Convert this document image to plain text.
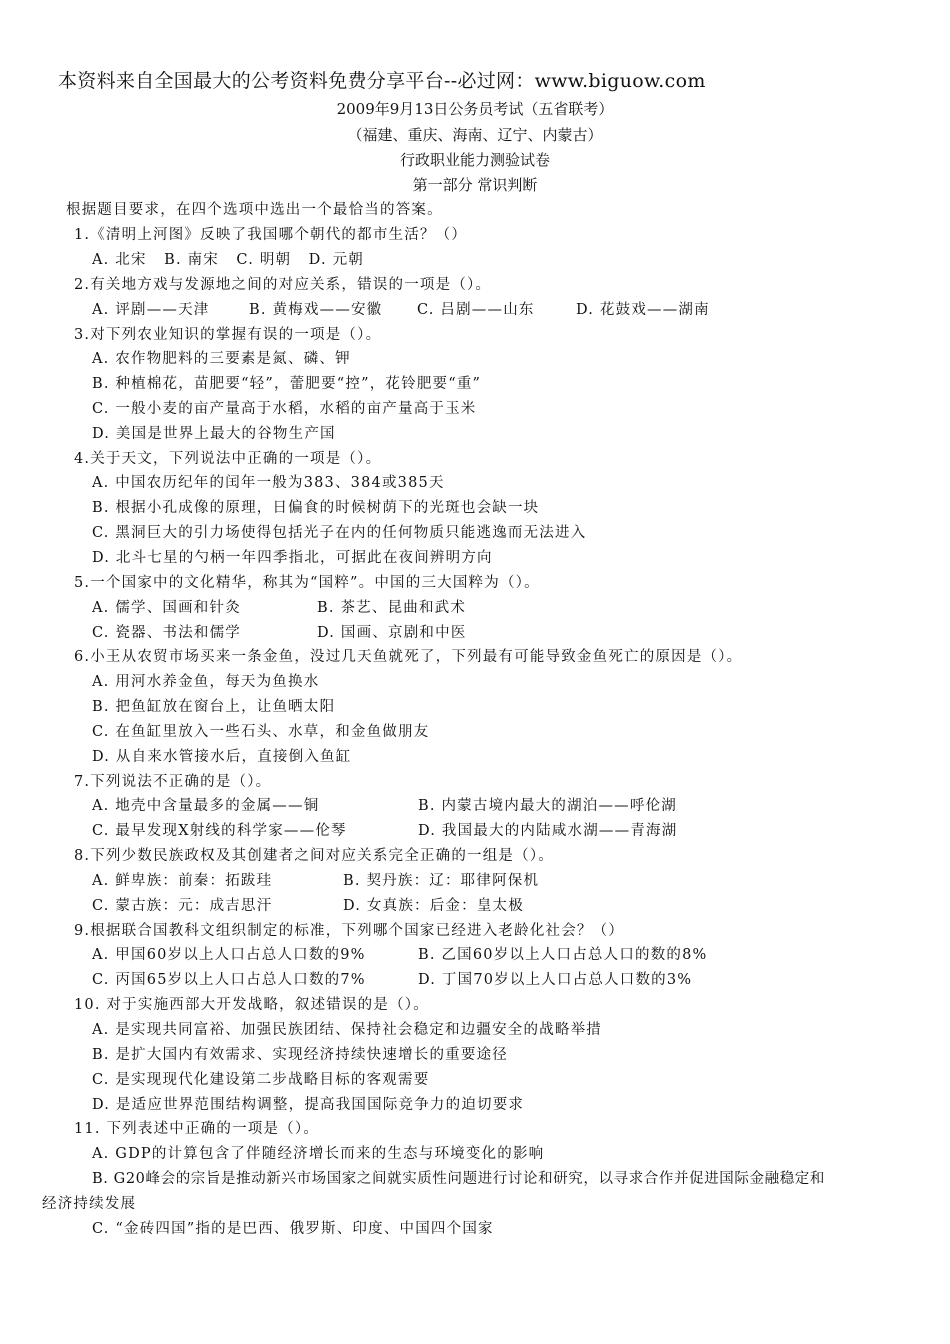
本资料来自全国最大的公考资料免费分享平台--必过网：www.biguow.com
2009年9月13日公务员考试（五省联考）
（福建、重庆、海南、辽宁、内蒙古）
行政职业能力测验试卷
第一部分 常识判断
根据题目要求，在四个选项中选出一个最恰当的答案。
1.《清明上河图》反映了我国哪个朝代的都市生活？（）
A. 北宋   B. 南宋   C. 明朝   D. 元朝
2.有关地方戏与发源地之间的对应关系，错误的一项是（）。
A. 评剧——天津	B. 黄梅戏——安徽 C. 吕剧——山东	D. 花鼓戏——湖南
3.对下列农业知识的掌握有误的一项是（）。
A. 农作物肥料的三要素是氮、磷、钾
B. 种植棉花，苗肥要“轻”，蕾肥要“控”，花铃肥要“重”
C. 一般小麦的亩产量高于水稻，水稻的亩产量高于玉米
D. 美国是世界上最大的谷物生产国
4.关于天文，下列说法中正确的一项是（）。
A. 中国农历纪年的闰年一般为383、384或385天
B. 根据小孔成像的原理，日偏食的时候树荫下的光斑也会缺一块
C. 黑洞巨大的引力场使得包括光子在内的任何物质只能逃逸而无法进入
D. 北斗七星的勺柄一年四季指北，可据此在夜间辨明方向
5.一个国家中的文化精华，称其为“国粹”。中国的三大国粹为（）。
A. 儒学、国画和针灸	B. 茶艺、昆曲和武术
C. 瓷器、书法和儒学	D. 国画、京剧和中医
6.小王从农贸市场买来一条金鱼，没过几天鱼就死了，下列最有可能导致金鱼死亡的原因是（）。
A. 用河水养金鱼，每天为鱼换水
B. 把鱼缸放在窗台上，让鱼晒太阳
C. 在鱼缸里放入一些石头、水草，和金鱼做朋友
D. 从自来水管接水后，直接倒入鱼缸
7.下列说法不正确的是（）。
A. 地壳中含量最多的金属——铜	B. 内蒙古境内最大的湖泊——呼伦湖
C. 最早发现X射线的科学家——伦琴	D. 我国最大的内陆咸水湖——青海湖
8.下列少数民族政权及其创建者之间对应关系完全正确的一组是（）。
A. 鲜卑族：前秦：拓跋珪	B. 契丹族：辽：耶律阿保机
C. 蒙古族：元：成吉思汗	D. 女真族：后金：皇太极
9.根据联合国教科文组织制定的标准，下列哪个国家已经进入老龄化社会？（）
A. 甲国60岁以上人口占总人口数的9%	B. 乙国60岁以上人口占总人口的数的8%
C. 丙国65岁以上人口占总人口数的7%	D. 丁国70岁以上人口占总人口数的3%
10. 对于实施西部大开发战略，叙述错误的是（）。
A. 是实现共同富裕、加强民族团结、保持社会稳定和边疆安全的战略举措
B. 是扩大国内有效需求、实现经济持续快速增长的重要途径
C. 是实现现代化建设第二步战略目标的客观需要
D. 是适应世界范围结构调整，提高我国国际竞争力的迫切要求
11. 下列表述中正确的一项是（）。
A. GDP的计算包含了伴随经济增长而来的生态与环境变化的影响
B. G20峰会的宗旨是推动新兴市场国家之间就实质性问题进行讨论和研究，以寻求合作并促进国际金融稳定和
经济持续发展
C. “金砖四国”指的是巴西、俄罗斯、印度、中国四个国家
